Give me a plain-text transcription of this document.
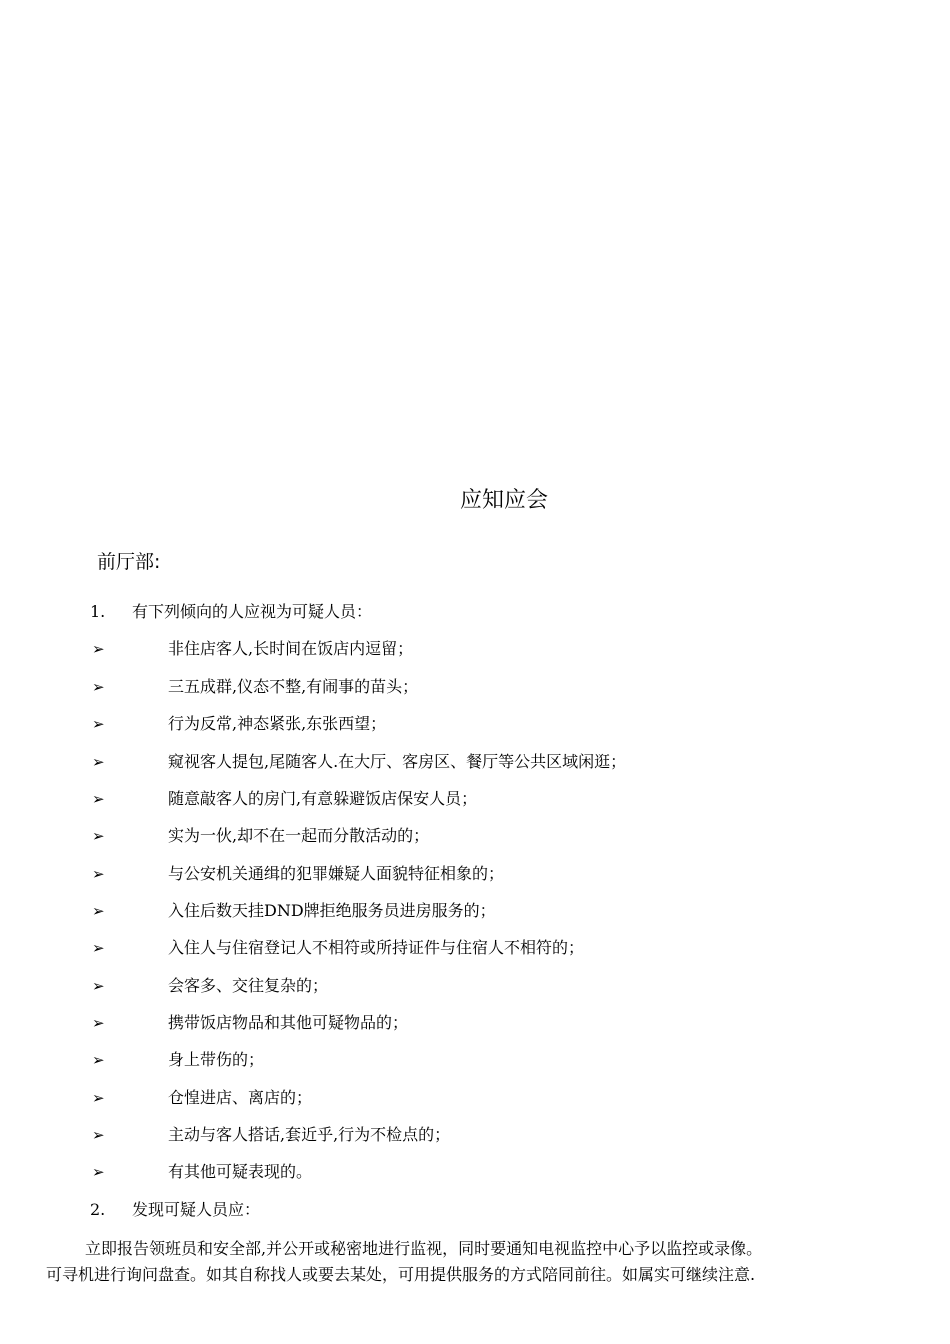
应知应会
前厅部:
1. 有下列倾向的人应视为可疑人员：
➢	非住店客人,长时间在饭店内逗留；
➢	三五成群,仪态不整,有闹事的苗头；
➢	行为反常,神态紧张,东张西望；
➢	窥视客人提包,尾随客人.在大厅、客房区、餐厅等公共区域闲逛；
➢	随意敲客人的房门,有意躲避饭店保安人员；
➢	实为一伙,却不在一起而分散活动的；
➢	与公安机关通缉的犯罪嫌疑人面貌特征相象的；
➢	入住后数天挂DND牌拒绝服务员进房服务的；
➢	入住人与住宿登记人不相符或所持证件与住宿人不相符的；
➢	会客多、交往复杂的；
➢	携带饭店物品和其他可疑物品的；
➢	身上带伤的；
➢	仓惶进店、离店的；
➢	主动与客人搭话,套近乎,行为不检点的；
➢	有其他可疑表现的。
2. 发现可疑人员应：
立即报告领班员和安全部,并公开或秘密地进行监视，同时要通知电视监控中心予以监控或录像。
可寻机进行询问盘查。如其自称找人或要去某处，可用提供服务的方式陪同前往。如属实可继续注意.
